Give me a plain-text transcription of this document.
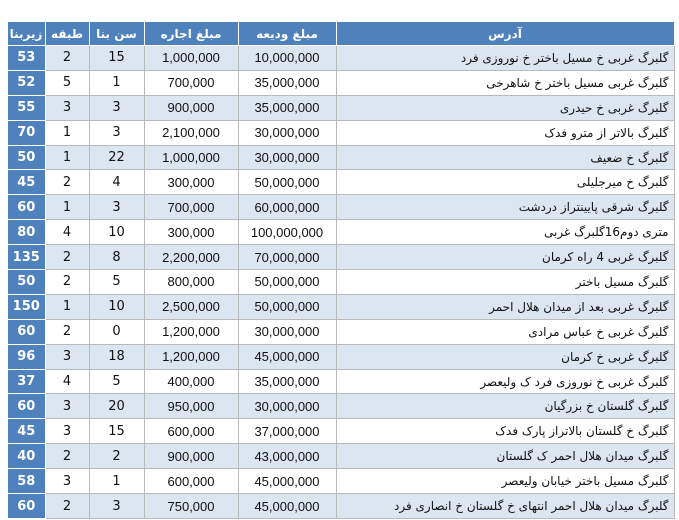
زیربنا	طبقه	سن بنا	مبلغ اجاره	مبلغ ودیعه	آدرس
53	2	15	1,000,000	10,000,000	گلبرگ غربی خ مسیل باختر خ نوروزی فرد
52	5	1	700,000	35,000,000	گلبرگ غربی مسیل باختر خ شاهرخی
55	3	3	900,000	35,000,000	گلبرگ غربی خ حیدری
70	1	3	2,100,000	30,000,000	گلبرگ بالاتر از مترو فدک
50	1	22	1,000,000	30,000,000	گلبرگ خ ضعیف
45	2	4	300,000	50,000,000	گلبرگ خ میرجلیلی
60	1	3	700,000	60,000,000	گلبرگ شرقی پایینتراز دردشت
80	4	10	300,000	100,000,000	متری دوم16گلبرگ غربی
135	2	8	2,200,000	70,000,000	گلبرگ غربی 4 راه کرمان
50	2	5	800,000	50,000,000	گلبرگ مسیل باختر
150	1	10	2,500,000	50,000,000	گلبرگ غربی بعد از میدان هلال احمر
60	2	0	1,200,000	30,000,000	گلبرگ غربی خ عباس مرادی
96	3	18	1,200,000	45,000,000	گلبرگ غربی خ کرمان
37	4	5	400,000	35,000,000	گلبرگ غربی خ نوروزی فرد ک ولیعصر
60	3	20	950,000	30,000,000	گلبرگ گلستان خ بزرگیان
45	3	15	600,000	37,000,000	گلبرگ خ گلستان بالاتراز پارک فدک
40	2	2	900,000	43,000,000	گلبرگ میدان هلال احمر ک گلستان
58	3	1	600,000	45,000,000	گلبرگ مسیل باختر خیابان ولیعصر
60	2	3	750,000	45,000,000	گلبرگ میدان هلال احمر انتهای خ گلستان خ انصاری فرد
